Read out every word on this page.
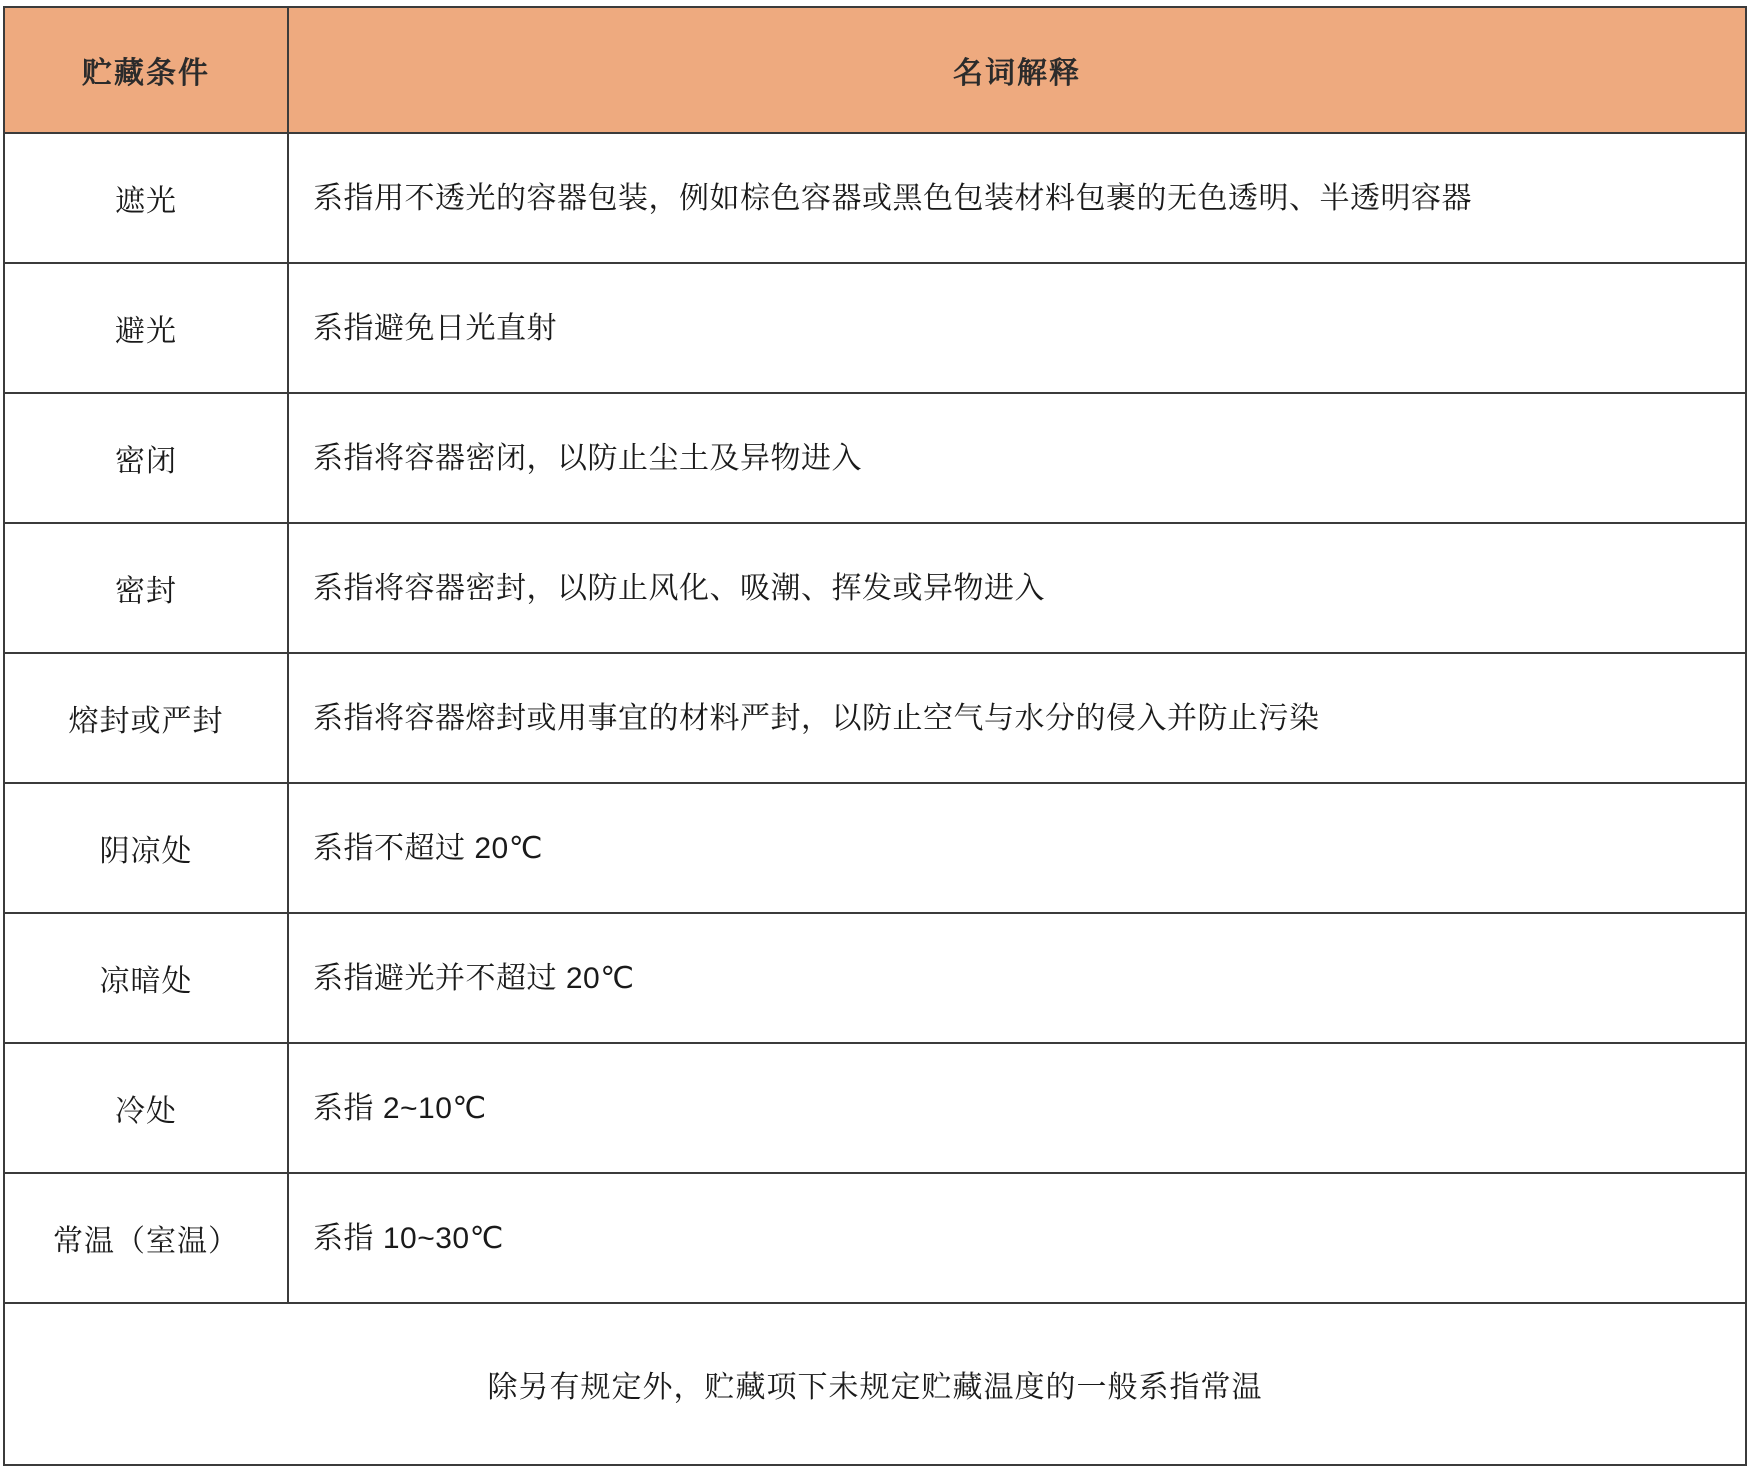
贮藏条件	名词解释
遮光	系指用不透光的容器包装，例如棕色容器或黑色包装材料包裹的无色透明、半透明容器
避光	系指避免日光直射
密闭	系指将容器密闭，以防止尘土及异物进入
密封	系指将容器密封，以防止风化、吸潮、挥发或异物进入
熔封或严封	系指将容器熔封或用事宜的材料严封，以防止空气与水分的侵入并防止污染
阴凉处	系指不超过 20℃
凉暗处	系指避光并不超过 20℃
冷处	系指 2~10℃
常温（室温）	系指 10~30℃
除另有规定外，贮藏项下未规定贮藏温度的一般系指常温	
